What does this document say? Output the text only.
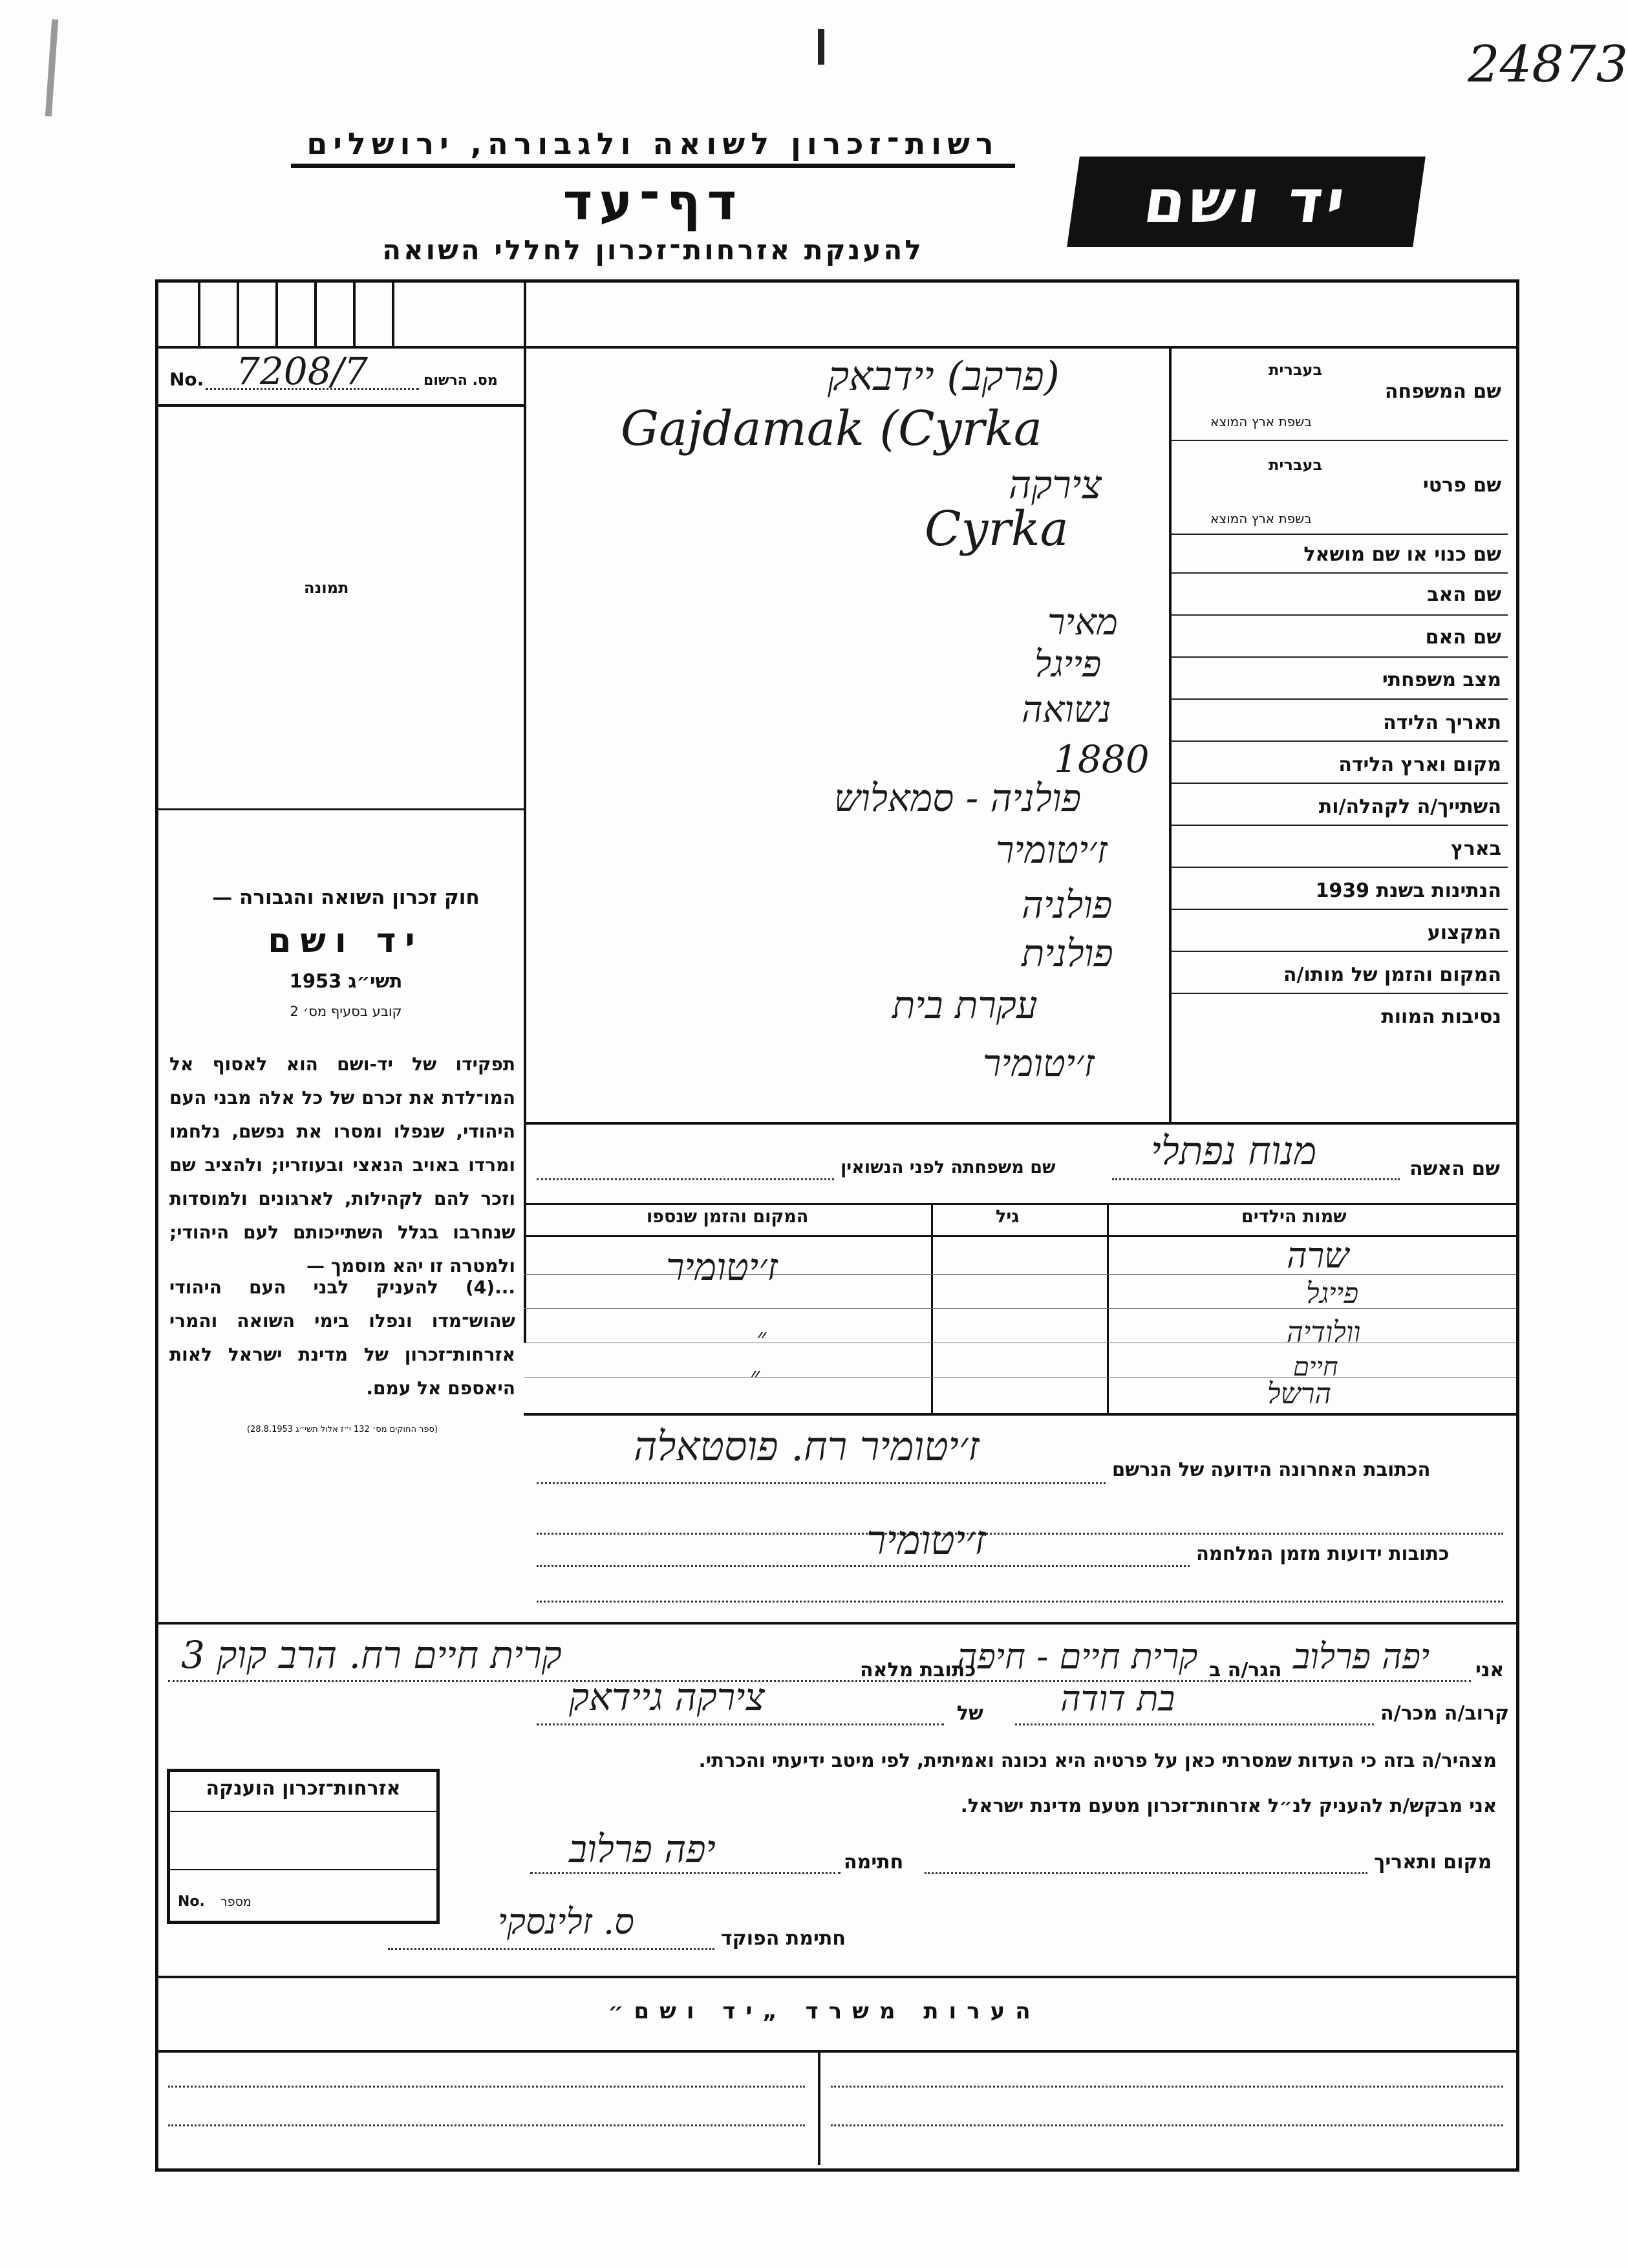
24873
רשות־זכרון לשואה ולגבורה, ירושלים
דף־עד
להענקת אזרחות־זכרון לחללי השואה
יד ושם
No. 7208/7	מס. הרשום
תמונה
חוק זכרון השואה והגבורה —
יד ושם
תשי״ג 1953
קובע בסעיף מס׳ 2
תפקידו של יד-ושם הוא לאסוף אל המו־לדת את זכרם של כל אלה מבני העם היהודי, שנפלו ומסרו את נפשם, נלחמו ומרדו באויב הנאצי ובעוזריו; ולהציב שם וזכר להם לקהילות, לארגונים ולמוסדות שנחרבו בגלל השתייכותם לעם היהודי; ולמטרה זו יהא מוסמך —
...(4) להעניק לבני העם היהודי שהוש־מדו ונפלו בימי השואה והמרי אזרחות־זכרון של מדינת ישראל לאות היאספם אל עמם.
(ספר החוקים מס׳ 132 י״ז אלול תשי״ג 28.8.1953)
בעברית
שם המשפחה
בשפת ארץ המוצא
בעברית
שם פרטי
בשפת ארץ המוצא
שם כנוי או שם מושאל
שם האב
שם האם
מצב משפחתי
תאריך הלידה
מקום וארץ הלידה
השתייך/ה לקהלה/ות
בארץ
הנתינות בשנת 1939
המקצוע
המקום והזמן של מותו/ה
נסיבות המוות
(פרקב) יידבאק
Gajdamak (Cyrka
צירקה
Cyrka
מאיר
פייגל
נשואה
1880
פולניה - סמאלוש
ז׳יטומיר
פולניה
פולנית
עקרת בית
ז׳יטומיר
שם האשה
מנוח נפתלי
שם משפחתה לפני הנשואין
שמות הילדים
גיל
המקום והזמן שנספו
שרה
פייגל
וולודיה
חיים
הרשל
ז׳יטומיר
״
״
הכתובת האחרונה הידועה של הנרשם
ז׳יטומיר רח. פוסטאלה
כתובות ידועות מזמן המלחמה
ז׳יטומיר
אני
הגר/ה ב
כתובת מלאה	יפה פרלוב
קרית חיים - חיפה
קרית חיים רח. הרב קוק 3
קרוב/ה מכר/ה
בת דודה
של
צירקה גיידאק
מצהיר/ה בזה כי העדות שמסרתי כאן על פרטיה היא נכונה ואמיתית, לפי מיטב ידיעתי והכרתי.
אני מבקש/ת להעניק לנ״ל אזרחות־זכרון מטעם מדינת ישראל.
מקום ותאריך
חתימה
יפה פרלוב
חתימת הפוקד
ס. זלינסקי
אזרחות־זכרון הוענקה
No. מספר
הערות משרד „יד ושם״
